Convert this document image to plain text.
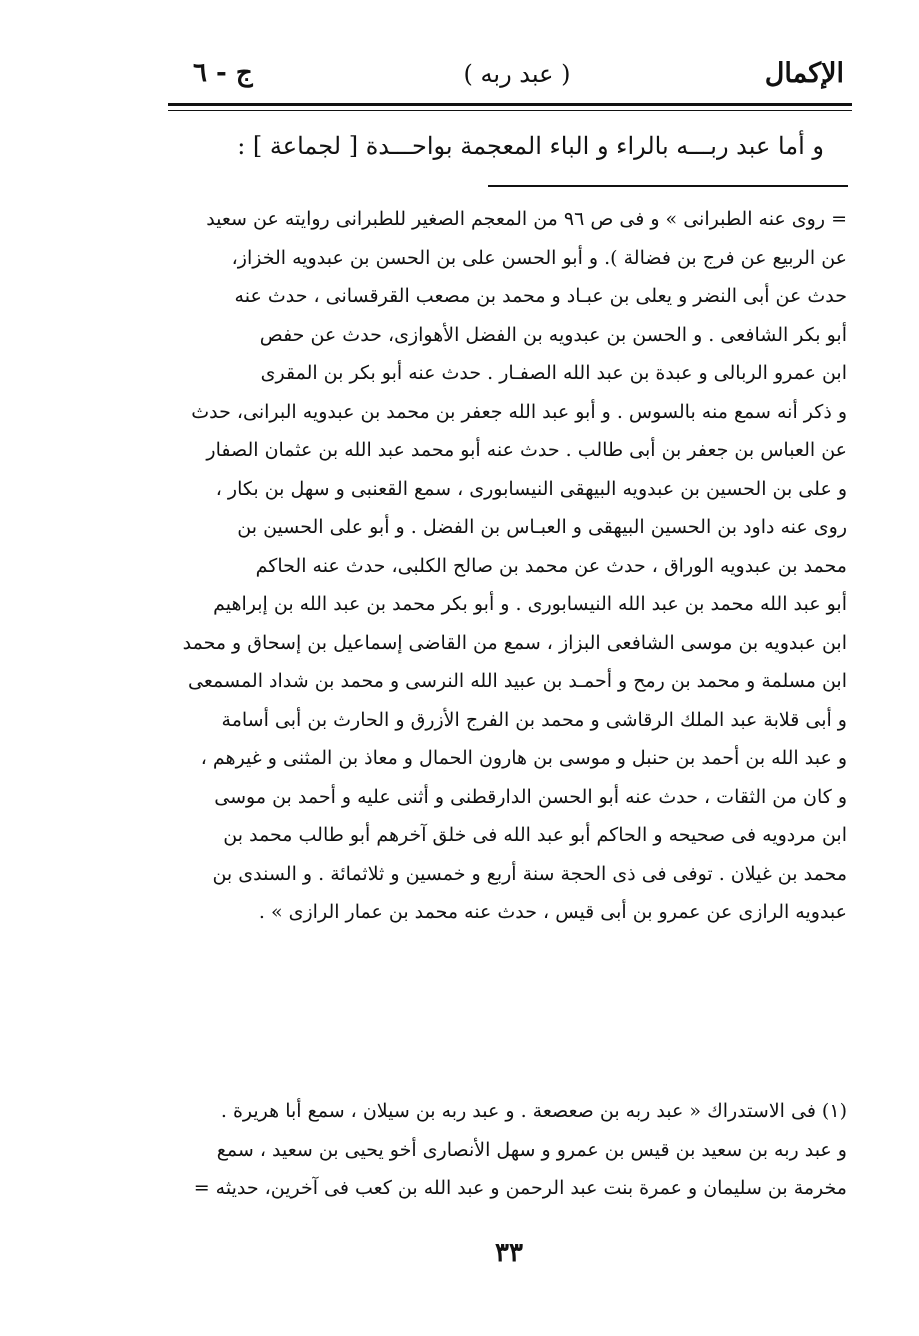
الإكمال
( عبد ربه )
ج - ٦
و أما عبد ربـــه بالراء و الباء المعجمة بواحـــدة [ لجماعة ] :
= روى عنه الطبرانى » و فى ص ٩٦ من المعجم الصغير للطبرانى روايته عن سعيد
عن الربيع عن فرج بن فضالة ). و أبو الحسن على بن الحسن بن عبدويه الخزاز،
حدث عن أبى النضر و يعلى بن عبـاد و محمد بن مصعب القرقسانى ، حدث عنه
أبو بكر الشافعى . و الحسن بن عبدويه بن الفضل الأهوازى، حدث عن حفص
ابن عمرو الربالى و عبدة بن عبد الله الصفـار . حدث عنه أبو بكر بن المقرى
و ذكر أنه سمع منه بالسوس . و أبو عبد الله جعفر بن محمد بن عبدويه البرانى، حدث
عن العباس بن جعفر بن أبى طالب . حدث عنه أبو محمد عبد الله بن عثمان الصفار
و على بن الحسين بن عبدويه البيهقى النيسابورى ، سمع القعنبى و سهل بن بكار ،
روى عنه داود بن الحسين البيهقى و العبـاس بن الفضل . و أبو على الحسين بن
محمد بن عبدويه الوراق ، حدث عن محمد بن صالح الكلبى، حدث عنه الحاكم
أبو عبد الله محمد بن عبد الله النيسابورى . و أبو بكر محمد بن عبد الله بن إبراهيم
ابن عبدويه بن موسى الشافعى البزاز ، سمع من القاضى إسماعيل بن إسحاق و محمد
ابن مسلمة و محمد بن رمح و أحمـد بن عبيد الله النرسى و محمد بن شداد المسمعى
و أبى قلابة عبد الملك الرقاشى و محمد بن الفرج الأزرق و الحارث بن أبى أسامة
و عبد الله بن أحمد بن حنبل و موسى بن هارون الحمال و معاذ بن المثنى و غيرهم ،
و كان من الثقات ، حدث عنه أبو الحسن الدارقطنى و أثنى عليه و أحمد بن موسى
ابن مردويه فى صحيحه و الحاكم أبو عبد الله فى خلق آخرهم أبو طالب محمد بن
محمد بن غيلان . توفى فى ذى الحجة سنة أربع و خمسين و ثلاثمائة . و السندى بن
عبدويه الرازى عن عمرو بن أبى قيس ، حدث عنه محمد بن عمار الرازى » .
(١) فى الاستدراك « عبد ربه بن صعصعة . و عبد ربه بن سيلان ، سمع أبا هريرة .
و عبد ربه بن سعيد بن قيس بن عمرو و سهل الأنصارى أخو يحيى بن سعيد ، سمع
مخرمة بن سليمان و عمرة بنت عبد الرحمن و عبد الله بن كعب فى آخرين، حديثه =
٣٣
